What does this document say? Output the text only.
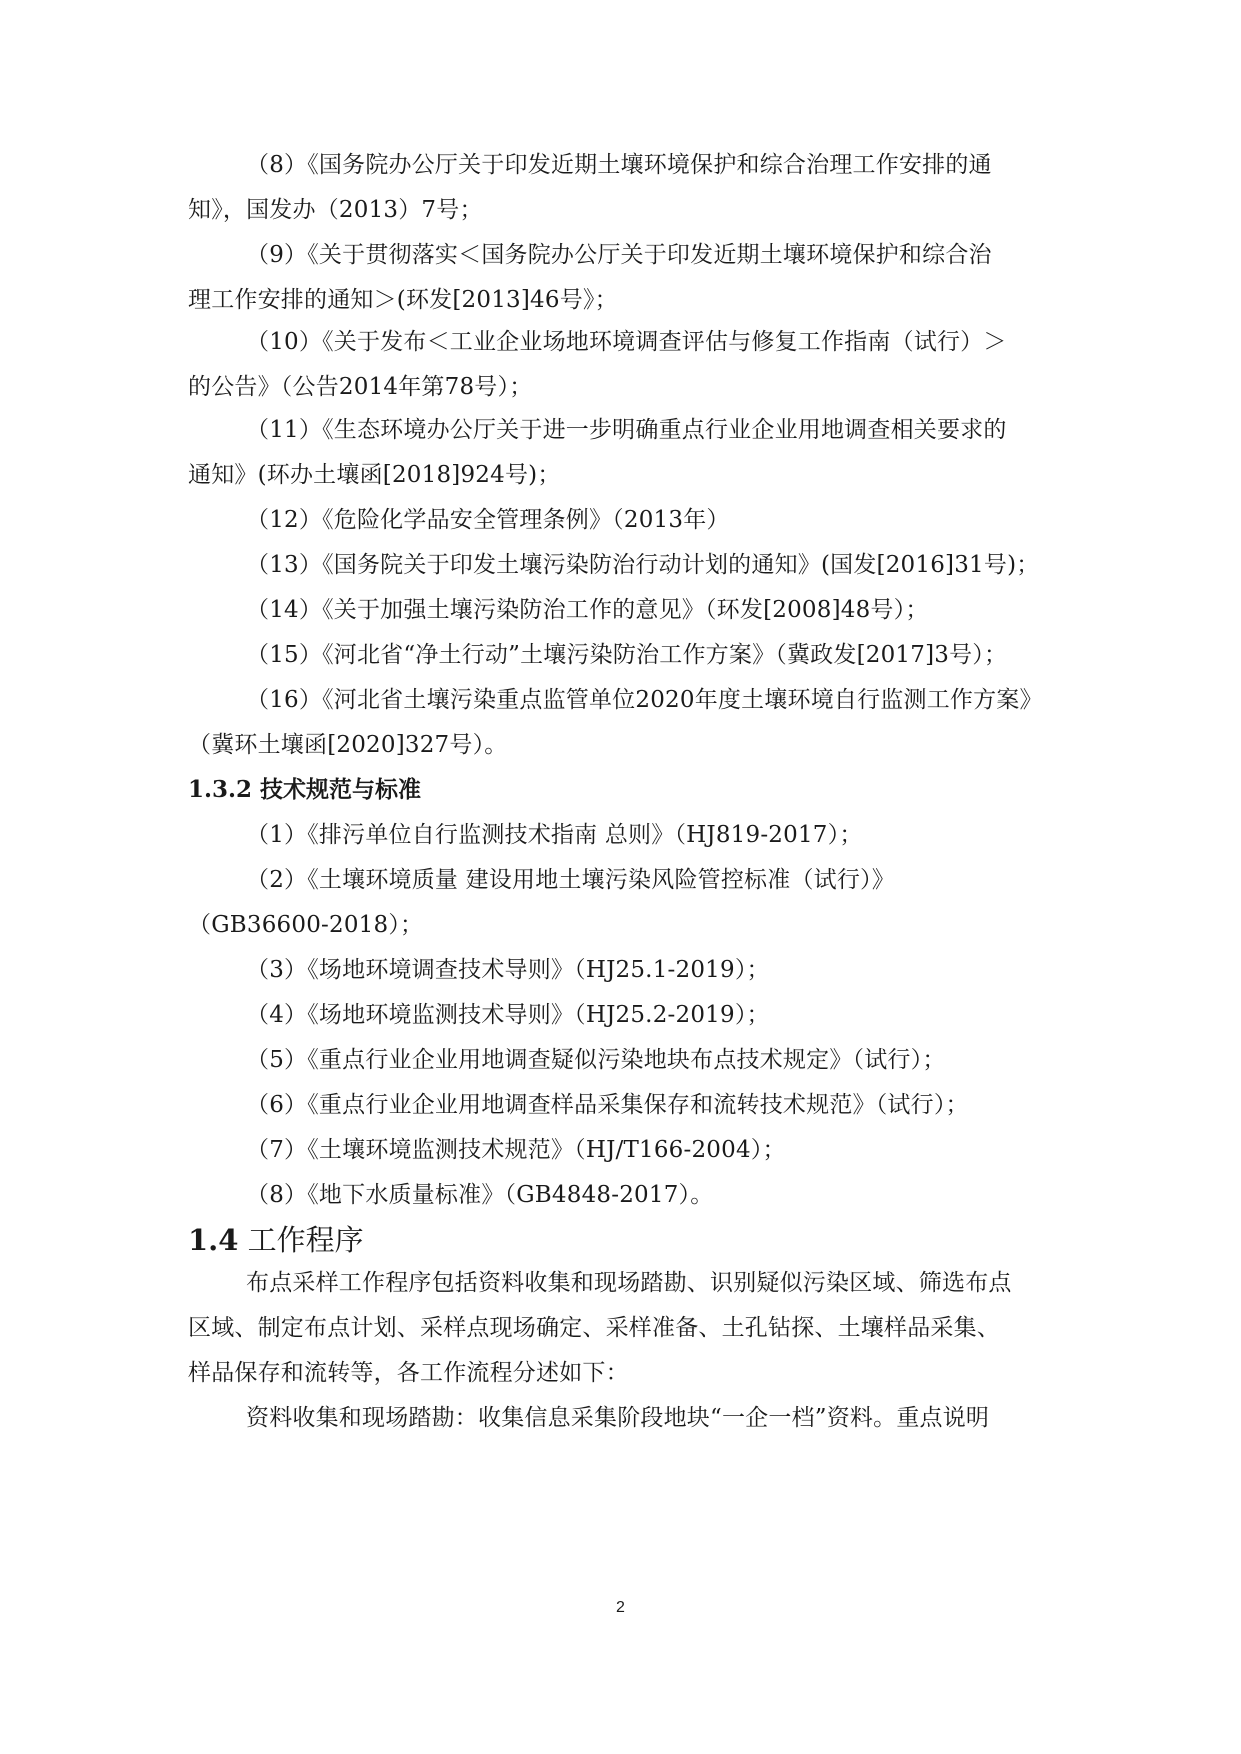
（8）《国务院办公厅关于印发近期土壤环境保护和综合治理工作安排的通
知》，国发办（2013）7号；
（9）《关于贯彻落实＜国务院办公厅关于印发近期土壤环境保护和综合治
理工作安排的通知＞(环发[2013]46号》；
（10）《关于发布＜工业企业场地环境调查评估与修复工作指南（试行）＞
的公告》（公告2014年第78号）；
（11）《生态环境办公厅关于进一步明确重点行业企业用地调查相关要求的
通知》(环办土壤函[2018]924号)；
（12）《危险化学品安全管理条例》（2013年）
（13）《国务院关于印发土壤污染防治行动计划的通知》(国发[2016]31号)；
（14）《关于加强土壤污染防治工作的意见》（环发[2008]48号）；
（15）《河北省“净土行动”土壤污染防治工作方案》（冀政发[2017]3号）；
（16）《河北省土壤污染重点监管单位2020年度土壤环境自行监测工作方案》
（冀环土壤函[2020]327号）。
1.3.2 技术规范与标准
（1）《排污单位自行监测技术指南 总则》（HJ819-2017）；
（2）《土壤环境质量 建设用地土壤污染风险管控标准（试行）》
（GB36600-2018）；
（3）《场地环境调查技术导则》（HJ25.1-2019）；
（4）《场地环境监测技术导则》（HJ25.2-2019）；
（5）《重点行业企业用地调查疑似污染地块布点技术规定》（试行）；
（6）《重点行业企业用地调查样品采集保存和流转技术规范》（试行）；
（7）《土壤环境监测技术规范》（HJ/T166-2004）；
（8）《地下水质量标准》（GB4848-2017）。
1.4 工作程序
布点采样工作程序包括资料收集和现场踏勘、识别疑似污染区域、筛选布点
区域、制定布点计划、采样点现场确定、采样准备、土孔钻探、土壤样品采集、
样品保存和流转等，各工作流程分述如下：
资料收集和现场踏勘：收集信息采集阶段地块“一企一档”资料。重点说明
2
